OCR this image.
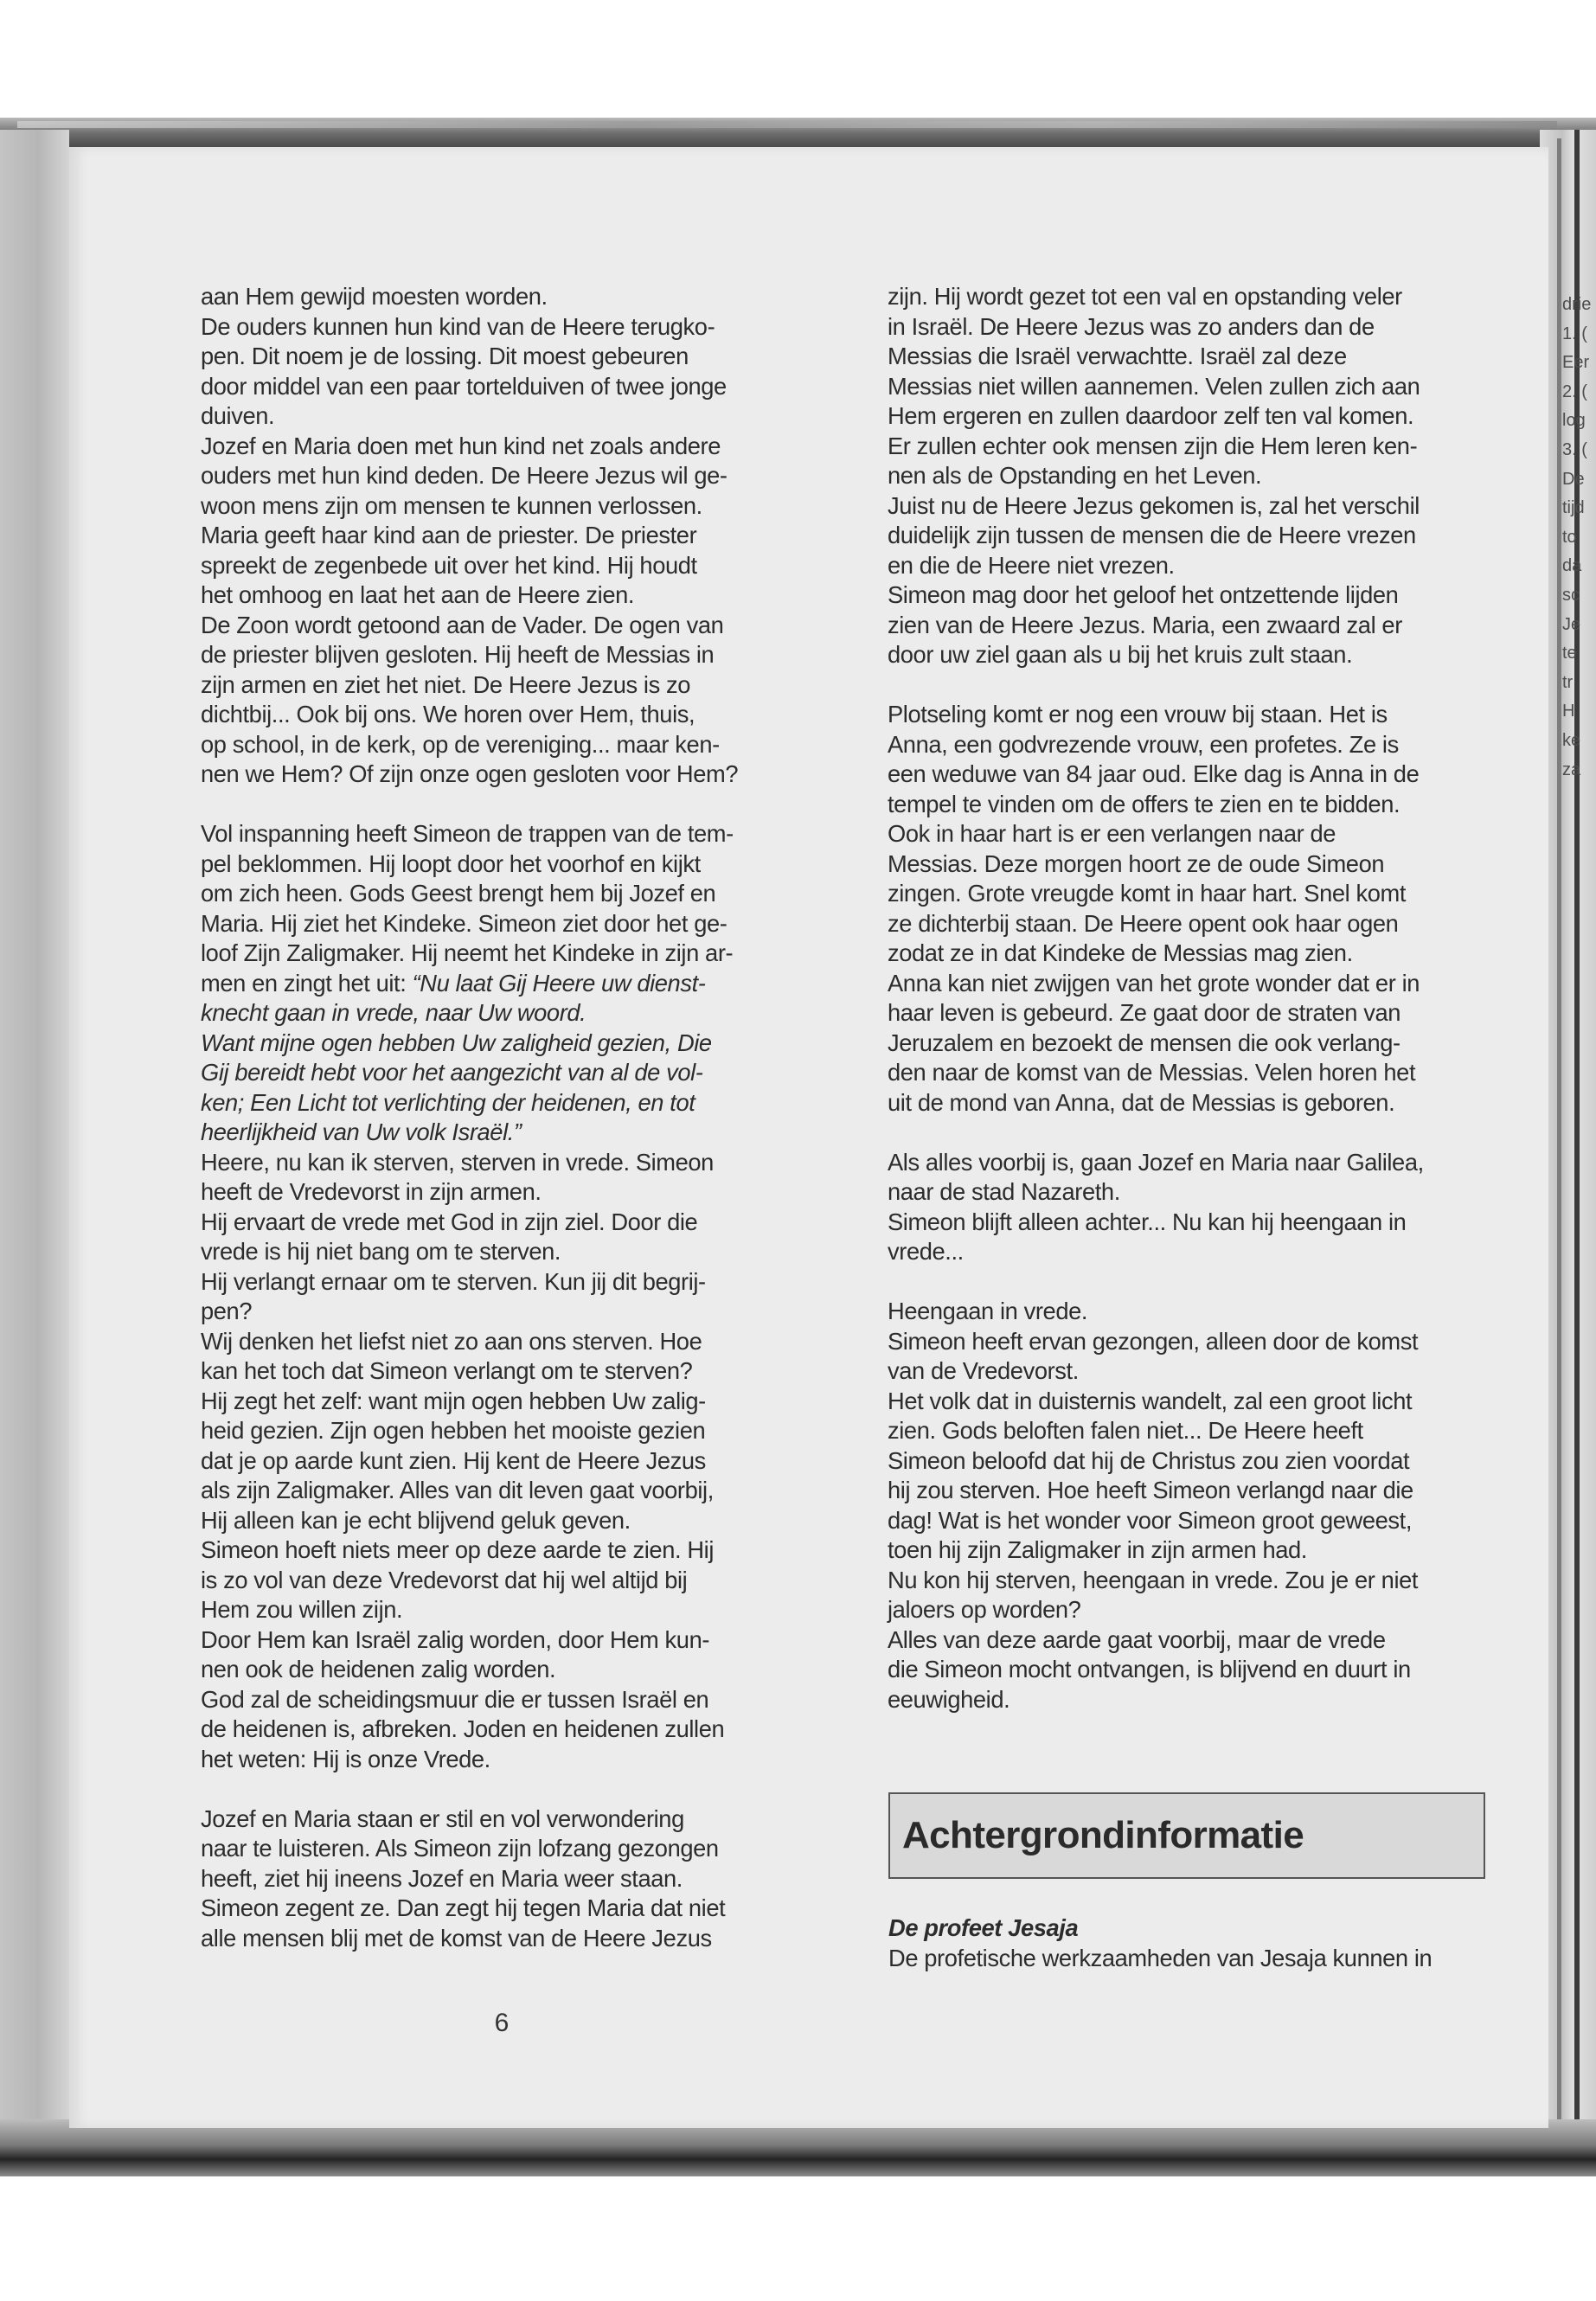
aan Hem gewijd moesten worden.
De ouders kunnen hun kind van de Heere terugko-
pen. Dit noem je de lossing. Dit moest gebeuren
door middel van een paar tortelduiven of twee jonge
duiven.
Jozef en Maria doen met hun kind net zoals andere
ouders met hun kind deden. De Heere Jezus wil ge-
woon mens zijn om mensen te kunnen verlossen.
Maria geeft haar kind aan de priester. De priester
spreekt de zegenbede uit over het kind. Hij houdt
het omhoog en laat het aan de Heere zien.
De Zoon wordt getoond aan de Vader. De ogen van
de priester blijven gesloten. Hij heeft de Messias in
zijn armen en ziet het niet. De Heere Jezus is zo
dichtbij... Ook bij ons. We horen over Hem, thuis,
op school, in de kerk, op de vereniging... maar ken-
nen we Hem? Of zijn onze ogen gesloten voor Hem?
Vol inspanning heeft Simeon de trappen van de tem-
pel beklommen. Hij loopt door het voorhof en kijkt
om zich heen. Gods Geest brengt hem bij Jozef en
Maria. Hij ziet het Kindeke. Simeon ziet door het ge-
loof Zijn Zaligmaker. Hij neemt het Kindeke in zijn ar-
men en zingt het uit: “Nu laat Gij Heere uw dienst-
knecht gaan in vrede, naar Uw woord.
Want mijne ogen hebben Uw zaligheid gezien, Die
Gij bereidt hebt voor het aangezicht van al de vol-
ken; Een Licht tot verlichting der heidenen, en tot
heerlijkheid van Uw volk Israël.”
Heere, nu kan ik sterven, sterven in vrede. Simeon
heeft de Vredevorst in zijn armen.
Hij ervaart de vrede met God in zijn ziel. Door die
vrede is hij niet bang om te sterven.
Hij verlangt ernaar om te sterven. Kun jij dit begrij-
pen?
Wij denken het liefst niet zo aan ons sterven. Hoe
kan het toch dat Simeon verlangt om te sterven?
Hij zegt het zelf: want mijn ogen hebben Uw zalig-
heid gezien. Zijn ogen hebben het mooiste gezien
dat je op aarde kunt zien. Hij kent de Heere Jezus
als zijn Zaligmaker. Alles van dit leven gaat voorbij,
Hij alleen kan je echt blijvend geluk geven.
Simeon hoeft niets meer op deze aarde te zien. Hij
is zo vol van deze Vredevorst dat hij wel altijd bij
Hem zou willen zijn.
Door Hem kan Israël zalig worden, door Hem kun-
nen ook de heidenen zalig worden.
God zal de scheidingsmuur die er tussen Israël en
de heidenen is, afbreken. Joden en heidenen zullen
het weten: Hij is onze Vrede.
Jozef en Maria staan er stil en vol verwondering
naar te luisteren. Als Simeon zijn lofzang gezongen
heeft, ziet hij ineens Jozef en Maria weer staan.
Simeon zegent ze. Dan zegt hij tegen Maria dat niet
alle mensen blij met de komst van de Heere Jezus
zijn. Hij wordt gezet tot een val en opstanding veler
in Israël. De Heere Jezus was zo anders dan de
Messias die Israël verwachtte. Israël zal deze
Messias niet willen aannemen. Velen zullen zich aan
Hem ergeren en zullen daardoor zelf ten val komen.
Er zullen echter ook mensen zijn die Hem leren ken-
nen als de Opstanding en het Leven.
Juist nu de Heere Jezus gekomen is, zal het verschil
duidelijk zijn tussen de mensen die de Heere vrezen
en die de Heere niet vrezen.
Simeon mag door het geloof het ontzettende lijden
zien van de Heere Jezus. Maria, een zwaard zal er
door uw ziel gaan als u bij het kruis zult staan.
Plotseling komt er nog een vrouw bij staan. Het is
Anna, een godvrezende vrouw, een profetes. Ze is
een weduwe van 84 jaar oud. Elke dag is Anna in de
tempel te vinden om de offers te zien en te bidden.
Ook in haar hart is er een verlangen naar de
Messias. Deze morgen hoort ze de oude Simeon
zingen. Grote vreugde komt in haar hart. Snel komt
ze dichterbij staan. De Heere opent ook haar ogen
zodat ze in dat Kindeke de Messias mag zien.
Anna kan niet zwijgen van het grote wonder dat er in
haar leven is gebeurd. Ze gaat door de straten van
Jeruzalem en bezoekt de mensen die ook verlang-
den naar de komst van de Messias. Velen horen het
uit de mond van Anna, dat de Messias is geboren.
Als alles voorbij is, gaan Jozef en Maria naar Galilea,
naar de stad Nazareth.
Simeon blijft alleen achter... Nu kan hij heengaan in
vrede...
Heengaan in vrede.
Simeon heeft ervan gezongen, alleen door de komst
van de Vredevorst.
Het volk dat in duisternis wandelt, zal een groot licht
zien. Gods beloften falen niet... De Heere heeft
Simeon beloofd dat hij de Christus zou zien voordat
hij zou sterven. Hoe heeft Simeon verlangd naar die
dag! Wat is het wonder voor Simeon groot geweest,
toen hij zijn Zaligmaker in zijn armen had.
Nu kon hij sterven, heengaan in vrede. Zou je er niet
jaloers op worden?
Alles van deze aarde gaat voorbij, maar de vrede
die Simeon mocht ontvangen, is blijvend en duurt in
eeuwigheid.
Achtergrondinformatie
De profeet Jesaja
De profetische werkzaamheden van Jesaja kunnen in
6
drie
1. (
Eer
2. (
log
3. (
De
tijd
to
da
sc
Je
te
tr
H
ke
za
